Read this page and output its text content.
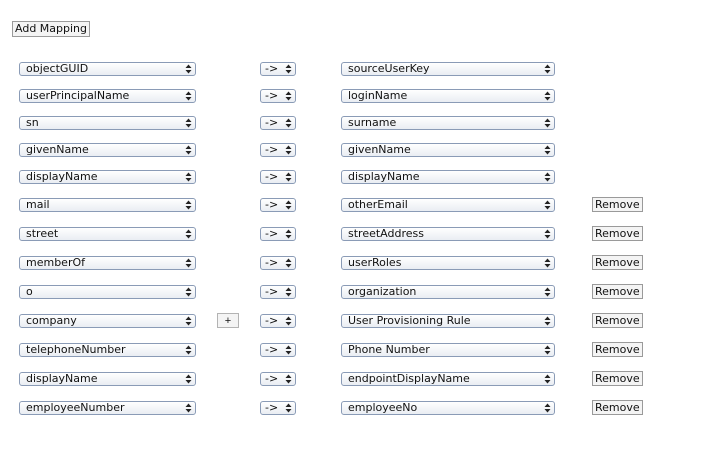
Add Mapping
objectGUID	->	sourceUserKey
userPrincipalName	->	loginName
sn	->	surname
givenName	->	givenName
displayName	->	displayName
mail	->	otherEmail	Remove
street	->	streetAddress	Remove
memberOf	->	userRoles	Remove
o	->	organization	Remove
company	+	->	User Provisioning Rule	Remove
telephoneNumber	->	Phone Number	Remove
displayName	->	endpointDisplayName	Remove
employeeNumber	->	employeeNo	Remove
